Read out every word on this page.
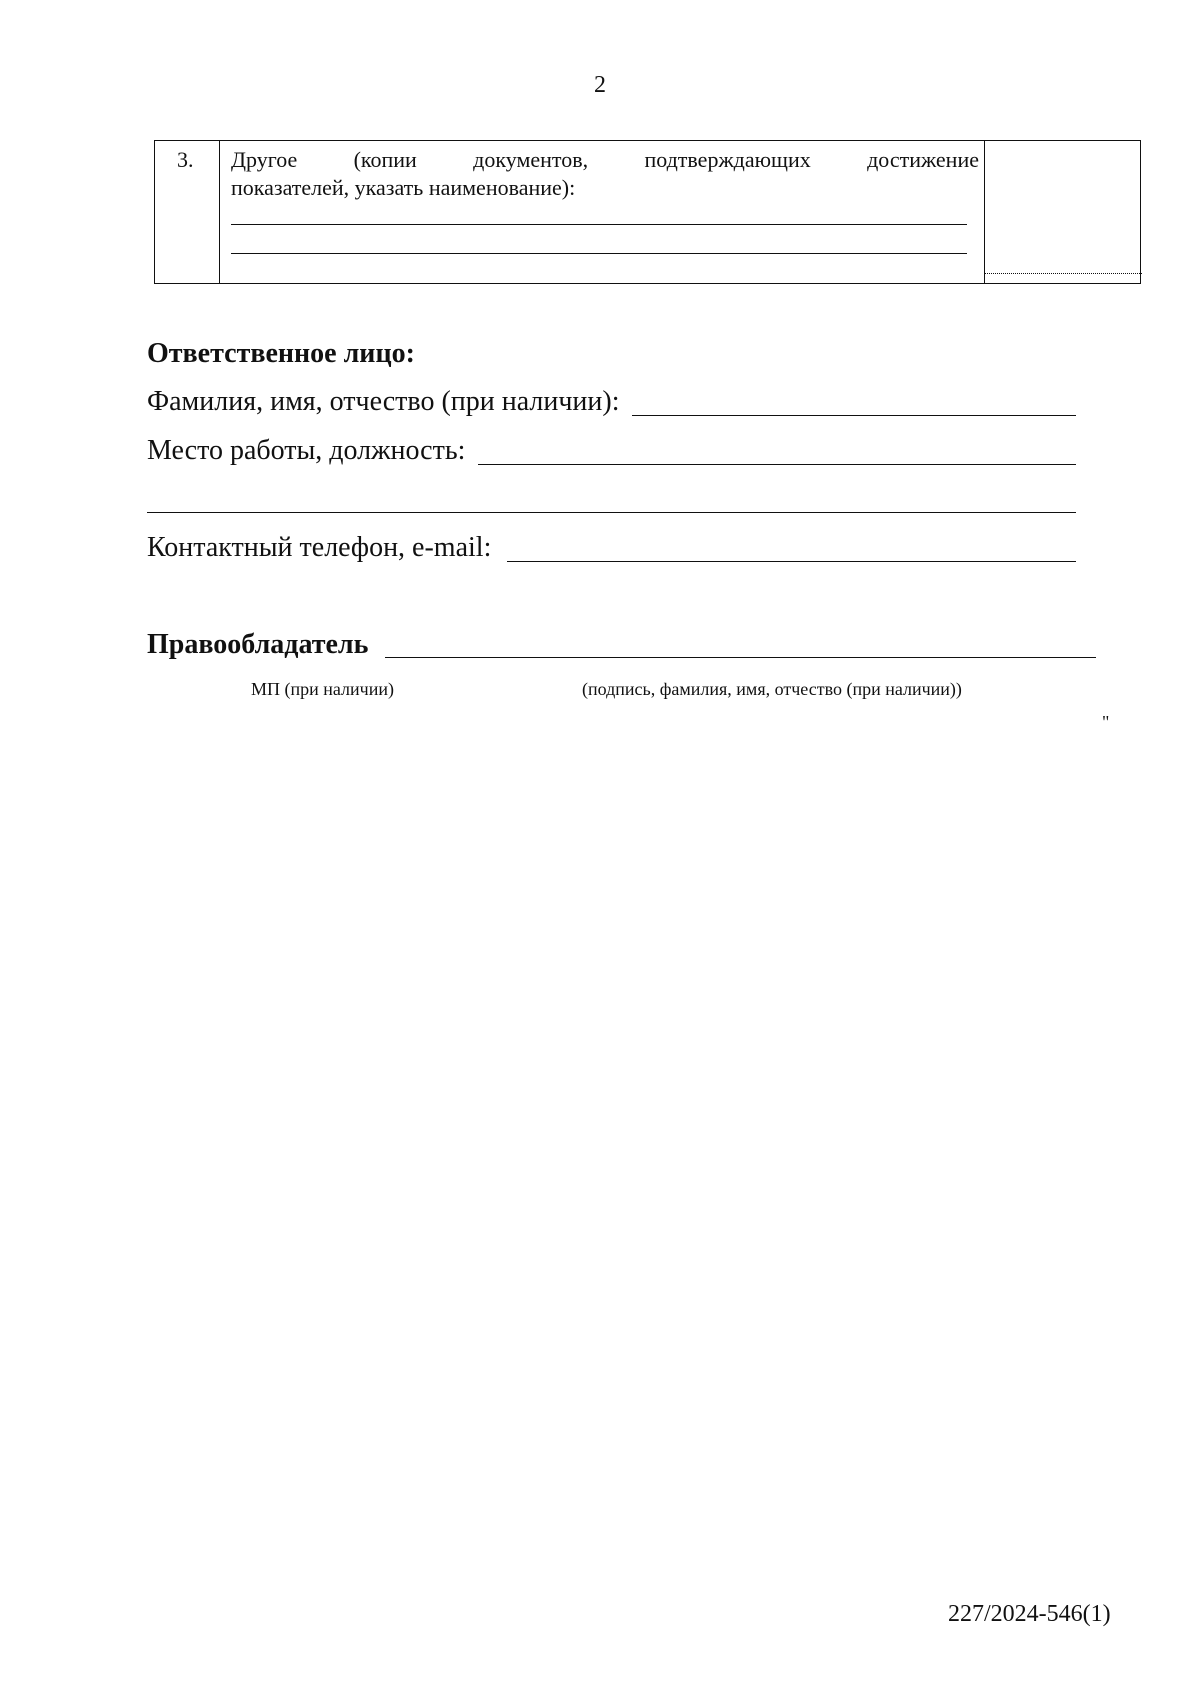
2
3.	Другое (копии документов, подтверждающих достижение
показателей, указать наименование):
Ответственное лицо:
Фамилия, имя, отчество (при наличии):
Место работы, должность:
Контактный телефон, e-mail:
Правообладатель
МП (при наличии)	(подпись, фамилия, имя, отчество (при наличии))
"
227/2024-546(1)
